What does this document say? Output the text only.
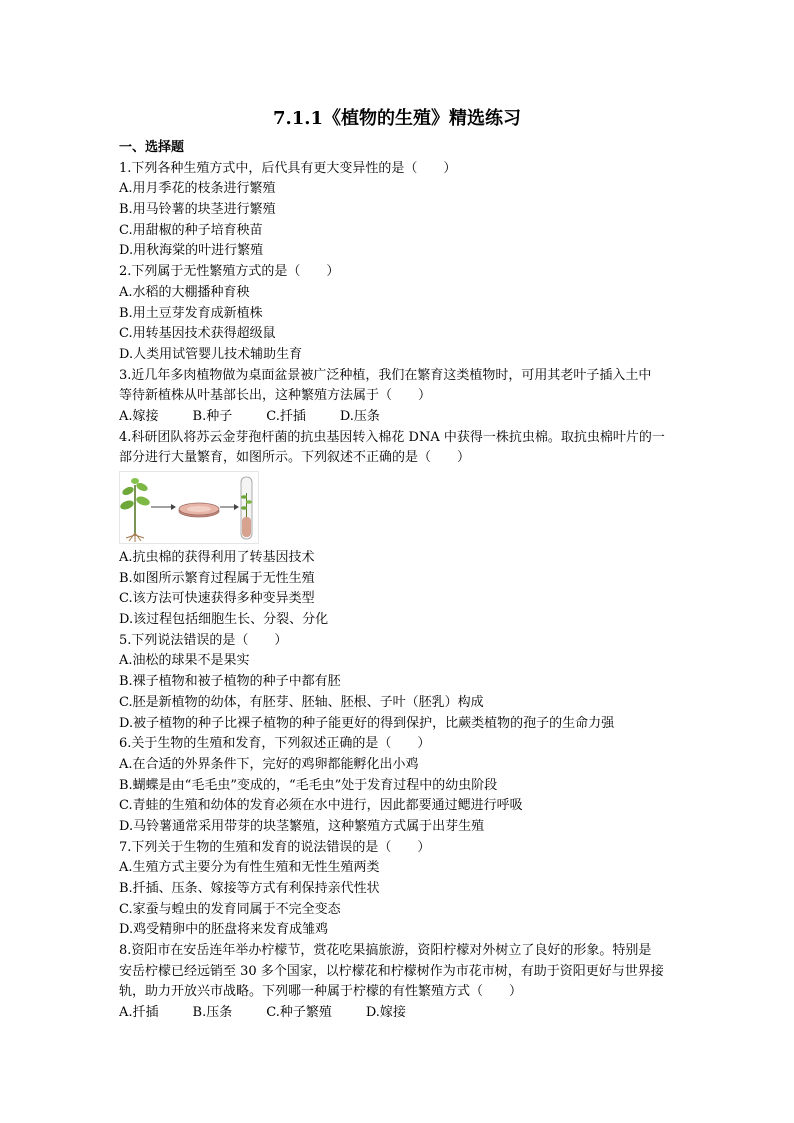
7.1.1《植物的生殖》精选练习
一、选择题
1.下列各种生殖方式中，后代具有更大变异性的是（　　）
A.用月季花的枝条进行繁殖
B.用马铃薯的块茎进行繁殖
C.用甜椒的种子培育秧苗
D.用秋海棠的叶进行繁殖
2.下列属于无性繁殖方式的是（　　）
A.水稻的大棚播种育秧
B.用土豆芽发育成新植株
C.用转基因技术获得超级鼠
D.人类用试管婴儿技术辅助生育
3.近几年多肉植物做为桌面盆景被广泛种植，我们在繁育这类植物时，可用其老叶子插入土中
等待新植株从叶基部长出，这种繁殖方法属于（　　）
A.嫁接	B.种子	C.扦插	D.压条
4.科研团队将苏云金芽孢杆菌的抗虫基因转入棉花 DNA 中获得一株抗虫棉。取抗虫棉叶片的一
部分进行大量繁育，如图所示。下列叙述不正确的是（　　）
A.抗虫棉的获得利用了转基因技术
B.如图所示繁育过程属于无性生殖
C.该方法可快速获得多种变异类型
D.该过程包括细胞生长、分裂、分化
5.下列说法错误的是（　　）
A.油松的球果不是果实
B.裸子植物和被子植物的种子中都有胚
C.胚是新植物的幼体，有胚芽、胚轴、胚根、子叶（胚乳）构成
D.被子植物的种子比裸子植物的种子能更好的得到保护，比蕨类植物的孢子的生命力强
6.关于生物的生殖和发育，下列叙述正确的是（　　）
A.在合适的外界条件下，完好的鸡卵都能孵化出小鸡
B.蝴蝶是由“毛毛虫”变成的，“毛毛虫”处于发育过程中的幼虫阶段
C.青蛙的生殖和幼体的发育必须在水中进行，因此都要通过鳃进行呼吸
D.马铃薯通常采用带芽的块茎繁殖，这种繁殖方式属于出芽生殖
7.下列关于生物的生殖和发育的说法错误的是（　　）
A.生殖方式主要分为有性生殖和无性生殖两类
B.扦插、压条、嫁接等方式有利保持亲代性状
C.家蚕与蝗虫的发育同属于不完全变态
D.鸡受精卵中的胚盘将来发育成雏鸡
8.资阳市在安岳连年举办柠檬节，赏花吃果搞旅游，资阳柠檬对外树立了良好的形象。特别是
安岳柠檬已经远销至 30 多个国家，以柠檬花和柠檬树作为市花市树，有助于资阳更好与世界接
轨，助力开放兴市战略。下列哪一种属于柠檬的有性繁殖方式（　　）
A.扦插	B.压条	C.种子繁殖	D.嫁接
